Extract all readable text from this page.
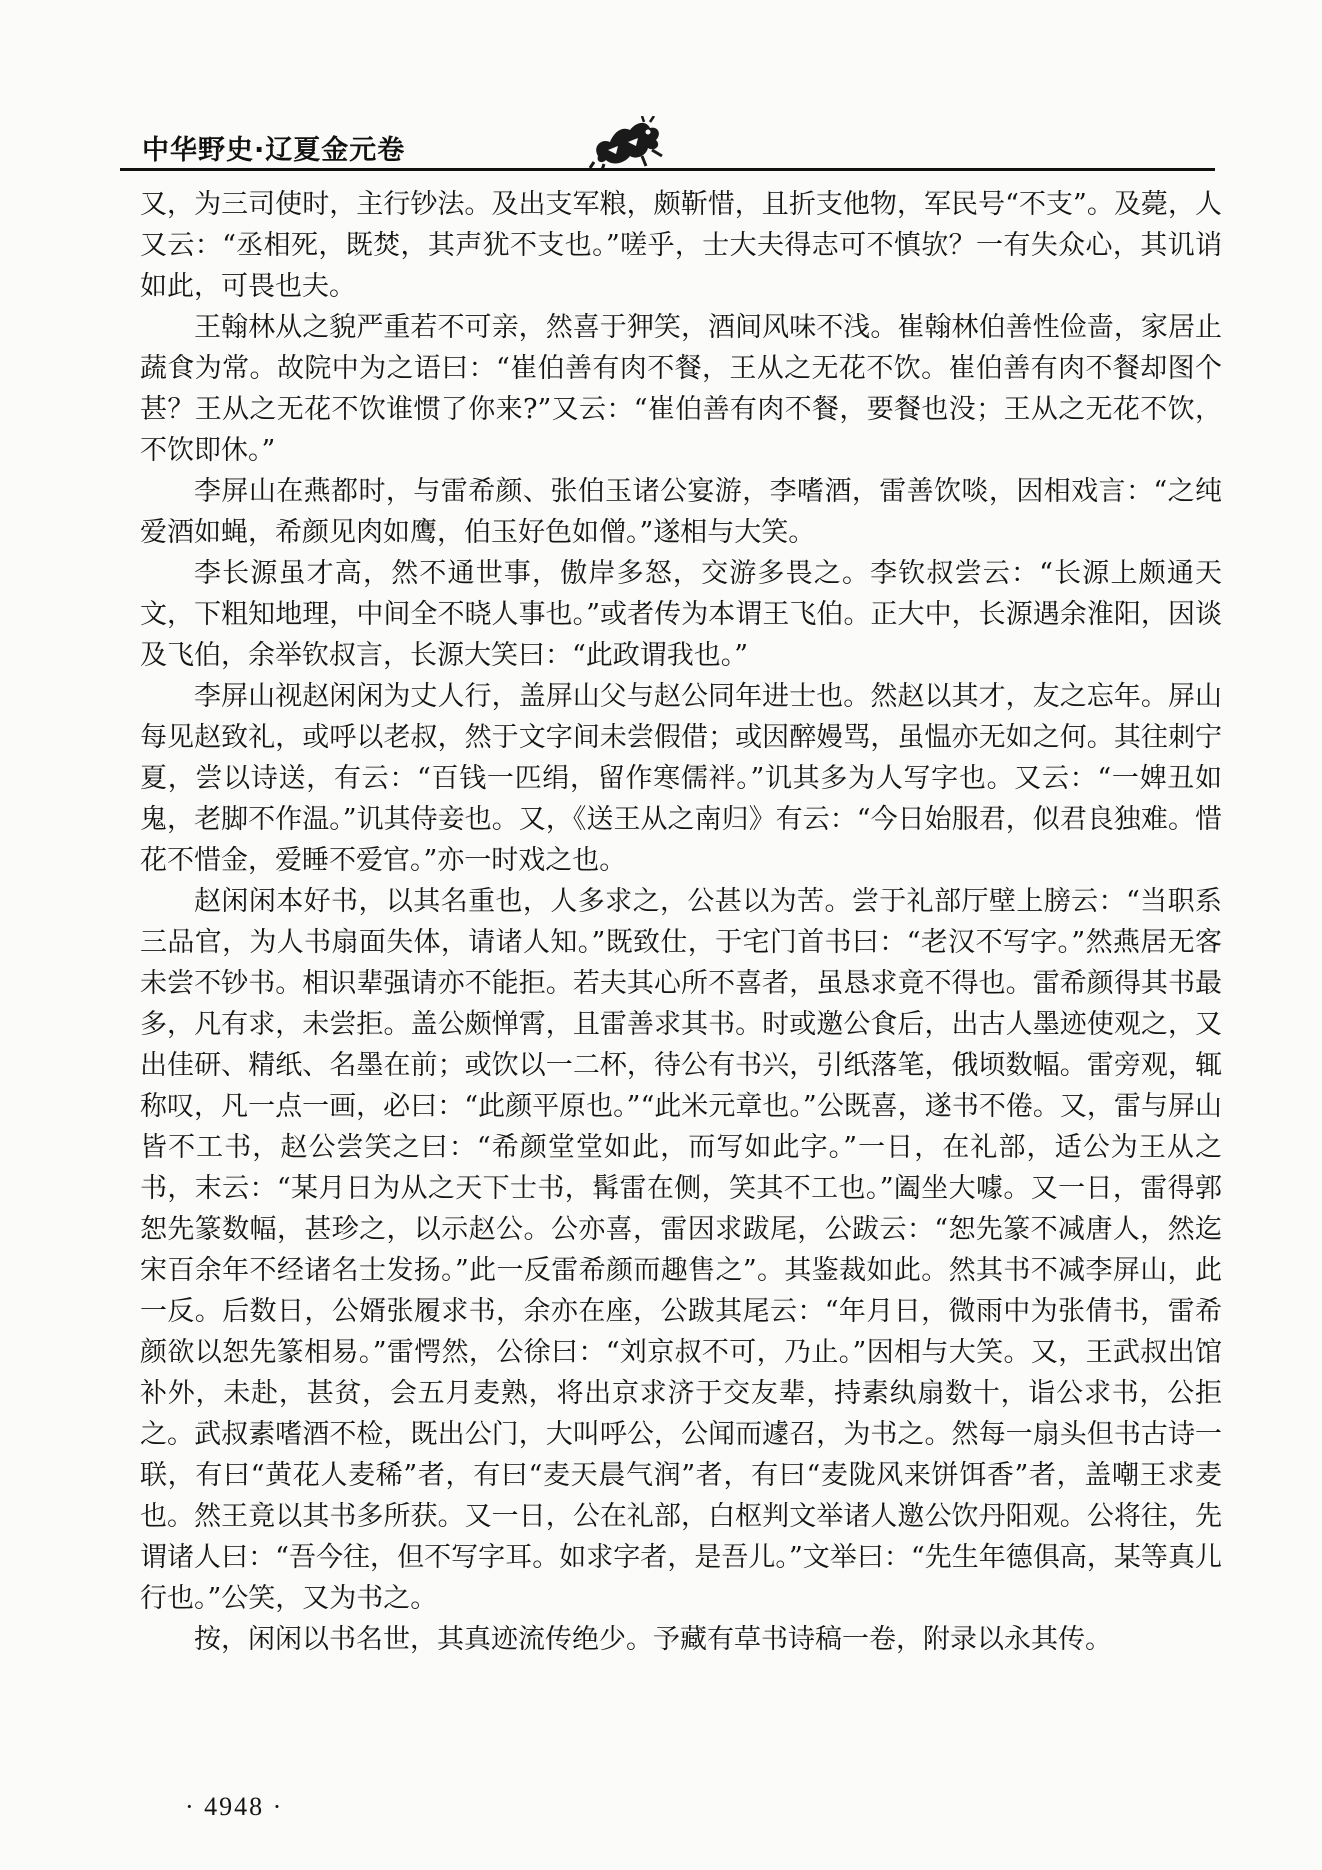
中华野史·辽夏金元卷

又，为三司使时，主行钞法。及出支军粮，颇靳惜，且折支他物，军民号“不支”。及薨，人又云：“丞相死，既焚，其声犹不支也。”嗟乎，士大夫得志可不慎欤？一有失众心，其讥诮如此，可畏也夫。

王翰林从之貌严重若不可亲，然喜于狎笑，酒间风味不浅。崔翰林伯善性俭啬，家居止蔬食为常。故院中为之语曰：“崔伯善有肉不餐，王从之无花不饮。崔伯善有肉不餐却图个甚？王从之无花不饮谁惯了你来?”又云：“崔伯善有肉不餐，要餐也没；王从之无花不饮，不饮即休。”

李屏山在燕都时，与雷希颜、张伯玉诸公宴游，李嗜酒，雷善饮啖，因相戏言：“之纯爱酒如蝇，希颜见肉如鹰，伯玉好色如僧。”遂相与大笑。

李长源虽才高，然不通世事，傲岸多怒，交游多畏之。李钦叔尝云：“长源上颇通天文，下粗知地理，中间全不晓人事也。”或者传为本谓王飞伯。正大中，长源遇余淮阳，因谈及飞伯，余举钦叔言，长源大笑曰：“此政谓我也。”

李屏山视赵闲闲为丈人行，盖屏山父与赵公同年进士也。然赵以其才，友之忘年。屏山每见赵致礼，或呼以老叔，然于文字间未尝假借；或因醉嫚骂，虽愠亦无如之何。其往刺宁夏，尝以诗送，有云：“百钱一匹绢，留作寒儒袢。”讥其多为人写字也。又云：“一婢丑如鬼，老脚不作温。”讥其侍妾也。又，《送王从之南归》有云：“今日始服君，似君良独难。惜花不惜金，爱睡不爱官。”亦一时戏之也。

赵闲闲本好书，以其名重也，人多求之，公甚以为苦。尝于礼部厅壁上膀云：“当职系三品官，为人书扇面失体，请诸人知。”既致仕，于宅门首书曰：“老汉不写字。”然燕居无客未尝不钞书。相识辈强请亦不能拒。若夫其心所不喜者，虽恳求竟不得也。雷希颜得其书最多，凡有求，未尝拒。盖公颇惮霄，且雷善求其书。时或邀公食后，出古人墨迹使观之，又出佳研、精纸、名墨在前；或饮以一二杯，待公有书兴，引纸落笔，俄顷数幅。雷旁观，辄称叹，凡一点一画，必曰：“此颜平原也。”“此米元章也。”公既喜，遂书不倦。又，雷与屏山皆不工书，赵公尝笑之曰：“希颜堂堂如此，而写如此字。”一日，在礼部，适公为王从之书，末云：“某月日为从之天下士书，髯雷在侧，笑其不工也。”阖坐大噱。又一日，雷得郭恕先篆数幅，甚珍之，以示赵公。公亦喜，雷因求跋尾，公跋云：“恕先篆不减唐人，然迄宋百余年不经诸名士发扬。”此一反雷希颜而趣售之”。其鉴裁如此。然其书不减李屏山，此一反。后数日，公婿张履求书，余亦在座，公跋其尾云：“年月日，微雨中为张倩书，雷希颜欲以恕先篆相易。”雷愕然，公徐曰：“刘京叔不可，乃止。”因相与大笑。又，王武叔出馆补外，未赴，甚贫，会五月麦熟，将出京求济于交友辈，持素纨扇数十，诣公求书，公拒之。武叔素嗜酒不检，既出公门，大叫呼公，公闻而遽召，为书之。然每一扇头但书古诗一联，有曰“黄花人麦稀”者，有曰“麦天晨气润”者，有曰“麦陇风来饼饵香”者，盖嘲王求麦也。然王竟以其书多所获。又一日，公在礼部，白枢判文举诸人邀公饮丹阳观。公将往，先谓诸人曰：“吾今往，但不写字耳。如求字者，是吾儿。”文举曰：“先生年德俱高，某等真儿行也。”公笑，又为书之。

按，闲闲以书名世，其真迹流传绝少。予藏有草书诗稿一卷，附录以永其传。

· 4948 ·
